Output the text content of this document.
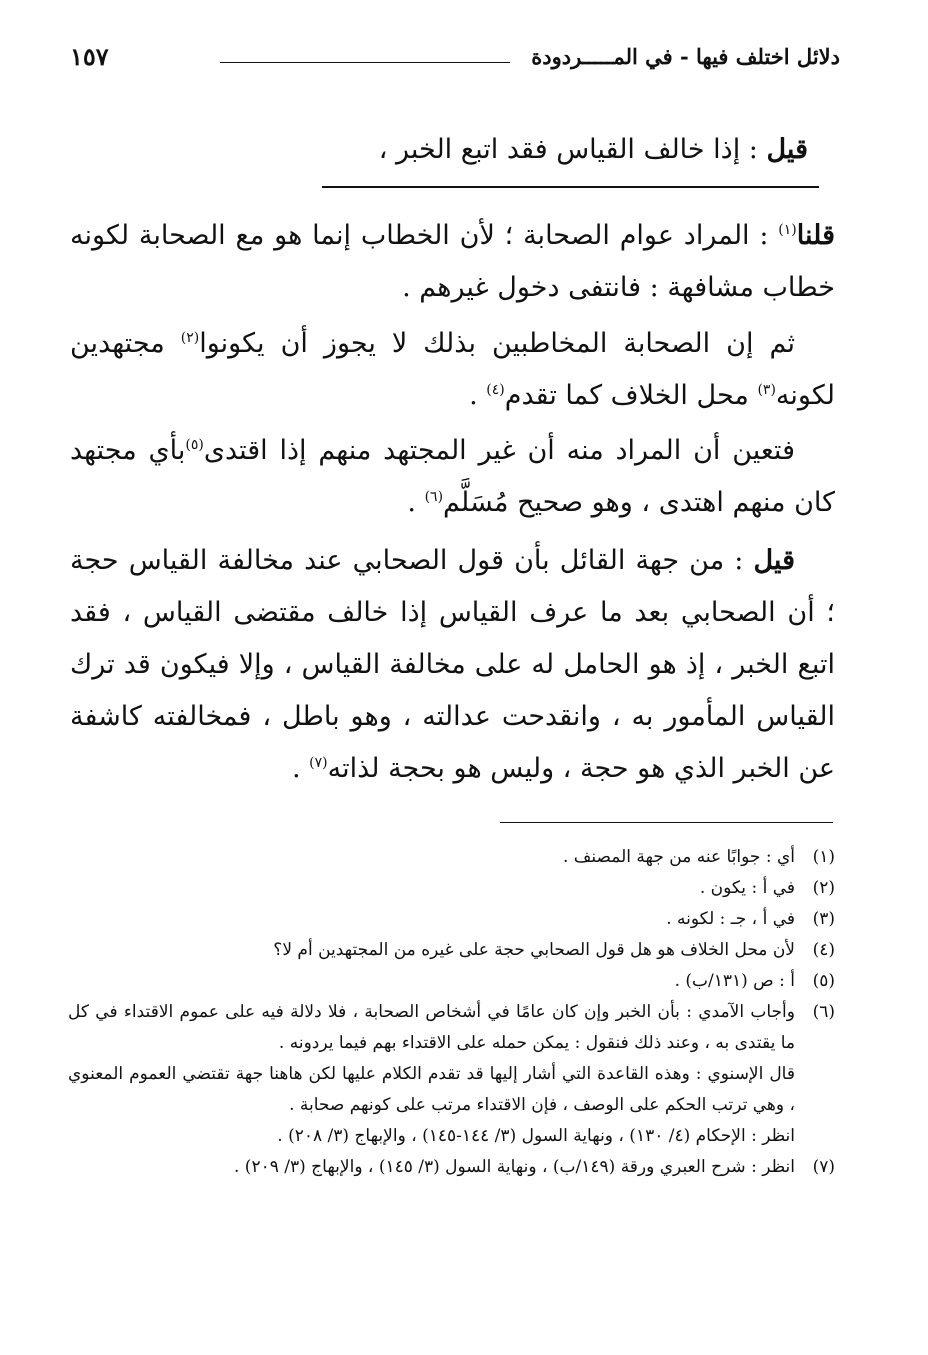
دلائل اختلف فيها - في المـــــردودة
١٥٧
قيل : إذا خالف القياس فقد اتبع الخبر ،

قلنا$^{(١)}$ : المراد عوام الصحابة ؛ لأن الخطاب إنما هو مع الصحابة لكونه خطاب مشافهة : فانتفى دخول غيرهم .

ثم إن الصحابة المخاطبين بذلك لا يجوز أن يكونوا$^{(٢)}$ مجتهدين لكونه$^{(٣)}$ محل الخلاف كما تقدم$^{(٤)}$ .

فتعين أن المراد منه أن غير المجتهد منهم إذا اقتدى$^{(٥)}$بأي مجتهد كان منهم اهتدى ، وهو صحيح مُسَلَّم$^{(٦)}$ .

قيل : من جهة القائل بأن قول الصحابي عند مخالفة القياس حجة ؛ أن الصحابي بعد ما عرف القياس إذا خالف مقتضى القياس ، فقد اتبع الخبر ، إذ هو الحامل له على مخالفة القياس ، وإلا فيكون قد ترك القياس المأمور به ، وانقدحت عدالته ، وهو باطل ، فمخالفته كاشفة عن الخبر الذي هو حجة ، وليس هو بحجة لذاته$^{(٧)}$ .

(١)
أي : جوابًا عنه من جهة المصنف .

(٢)
في أ : يكون .

(٣)
في أ ، جـ : لكونه .

(٤)
لأن محل الخلاف هو هل قول الصحابي حجة على غيره من المجتهدين أم لا؟

(٥)
أ : ص (١٣١/ب) .

(٦)
وأجاب الآمدي : بأن الخبر وإن كان عامًا في أشخاص الصحابة ، فلا دلالة فيه على عموم الاقتداء في كل ما يقتدى به ، وعند ذلك فنقول : يمكن حمله على الاقتداء بهم فيما يردونه .

قال الإسنوي : وهذه القاعدة التي أشار إليها قد تقدم الكلام عليها لكن هاهنا جهة تقتضي العموم المعنوي ، وهي ترتب الحكم على الوصف ، فإن الاقتداء مرتب على كونهم صحابة .

انظر : الإحكام (٤/ ١٣٠) ، ونهاية السول (٣/ ١٤٤-١٤٥) ، والإبهاج (٣/ ٢٠٨) .

(٧)
انظر : شرح العبري ورقة (١٤٩/ب) ، ونهاية السول (٣/ ١٤٥) ، والإبهاج (٣/ ٢٠٩) .
